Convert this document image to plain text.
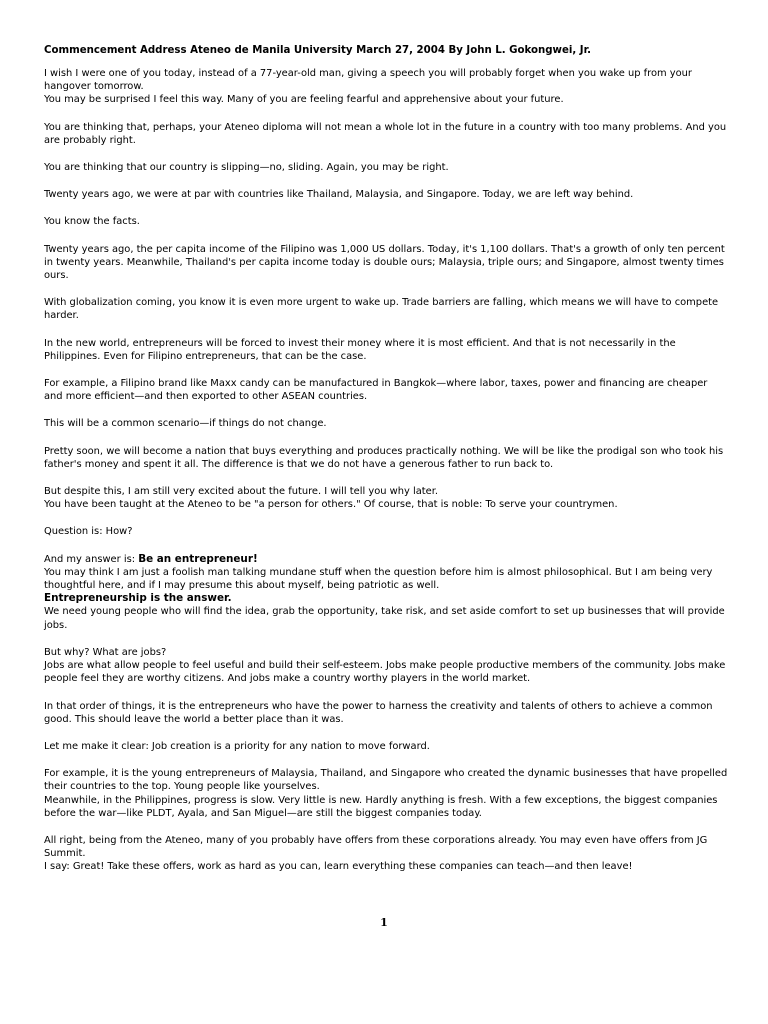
Commencement Address Ateneo de Manila University March 27, 2004 By John L. Gokongwei, Jr.
I wish I were one of you today, instead of a 77-year-old man, giving a speech you will probably forget when you wake up from your hangover tomorrow.
You may be surprised I feel this way. Many of you are feeling fearful and apprehensive about your future.
You are thinking that, perhaps, your Ateneo diploma will not mean a whole lot in the future in a country with too many problems. And you are probably right.
You are thinking that our country is slipping—no, sliding. Again, you may be right.
Twenty years ago, we were at par with countries like Thailand, Malaysia, and Singapore. Today, we are left way behind.
You know the facts.
Twenty years ago, the per capita income of the Filipino was 1,000 US dollars. Today, it's 1,100 dollars. That's a growth of only ten percent in twenty years. Meanwhile, Thailand's per capita income today is double ours; Malaysia, triple ours; and Singapore, almost twenty times ours.
With globalization coming, you know it is even more urgent to wake up. Trade barriers are falling, which means we will have to compete harder.
In the new world, entrepreneurs will be forced to invest their money where it is most efficient. And that is not necessarily in the Philippines. Even for Filipino entrepreneurs, that can be the case.
For example, a Filipino brand like Maxx candy can be manufactured in Bangkok—where labor, taxes, power and financing are cheaper and more efficient—and then exported to other ASEAN countries.
This will be a common scenario—if things do not change.
Pretty soon, we will become a nation that buys everything and produces practically nothing. We will be like the prodigal son who took his father's money and spent it all. The difference is that we do not have a generous father to run back to.
But despite this, I am still very excited about the future. I will tell you why later.
You have been taught at the Ateneo to be "a person for others." Of course, that is noble: To serve your countrymen.
Question is: How?
And my answer is: Be an entrepreneur!
You may think I am just a foolish man talking mundane stuff when the question before him is almost philosophical. But I am being very thoughtful here, and if I may presume this about myself, being patriotic as well.
Entrepreneurship is the answer.
We need young people who will find the idea, grab the opportunity, take risk, and set aside comfort to set up businesses that will provide jobs.
But why? What are jobs?
Jobs are what allow people to feel useful and build their self-esteem. Jobs make people productive members of the community. Jobs make people feel they are worthy citizens. And jobs make a country worthy players in the world market.
In that order of things, it is the entrepreneurs who have the power to harness the creativity and talents of others to achieve a common good. This should leave the world a better place than it was.
Let me make it clear: Job creation is a priority for any nation to move forward.
For example, it is the young entrepreneurs of Malaysia, Thailand, and Singapore who created the dynamic businesses that have propelled their countries to the top. Young people like yourselves.
Meanwhile, in the Philippines, progress is slow. Very little is new. Hardly anything is fresh. With a few exceptions, the biggest companies before the war—like PLDT, Ayala, and San Miguel—are still the biggest companies today.
All right, being from the Ateneo, many of you probably have offers from these corporations already. You may even have offers from JG Summit.
I say: Great! Take these offers, work as hard as you can, learn everything these companies can teach—and then leave!
1
